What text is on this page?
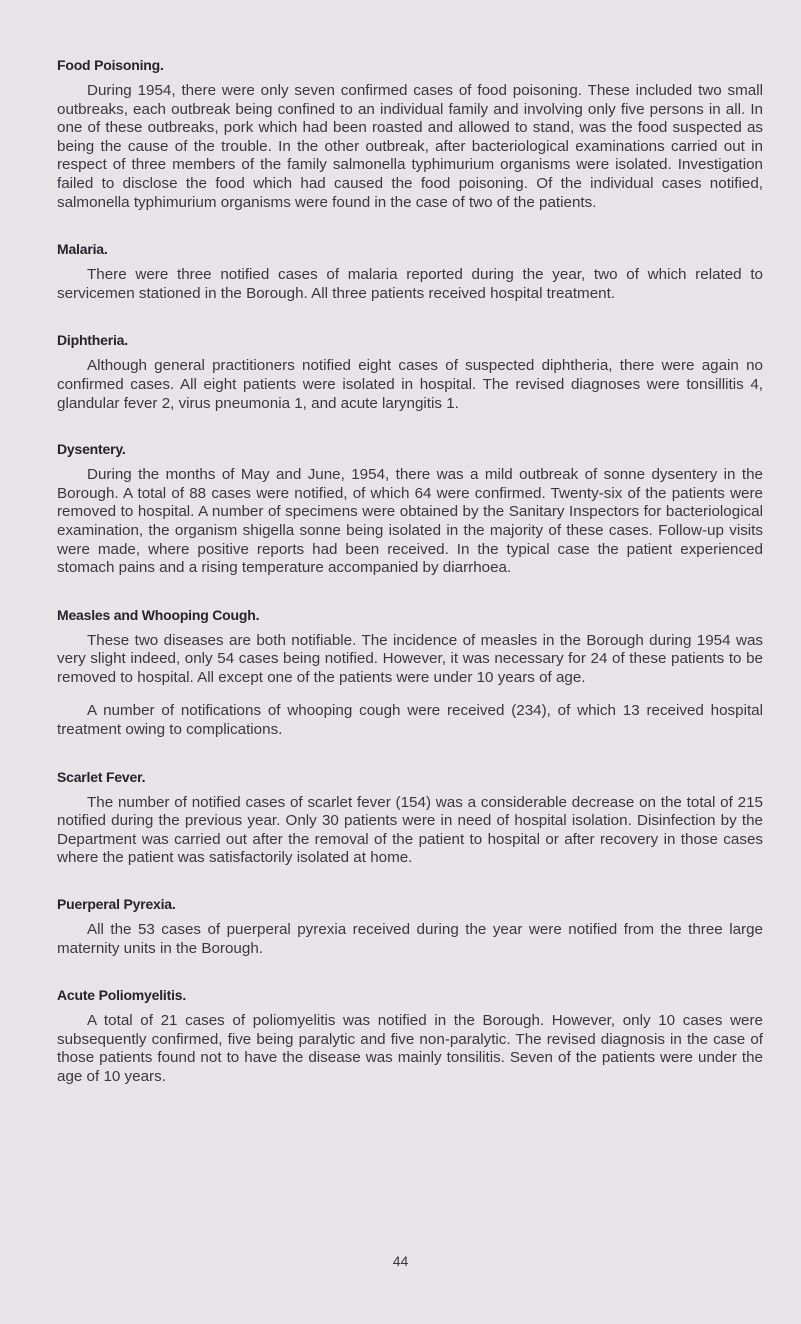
Food Poisoning.

During 1954, there were only seven confirmed cases of food poisoning. These included two small outbreaks, each outbreak being confined to an individual family and involving only five persons in all. In one of these outbreaks, pork which had been roasted and allowed to stand, was the food suspected as being the cause of the trouble. In the other outbreak, after bacteriological examinations carried out in respect of three members of the family salmonella typhimurium organisms were isolated. Investigation failed to disclose the food which had caused the food poisoning. Of the individual cases notified, salmonella typhimurium organisms were found in the case of two of the patients.

Malaria.

There were three notified cases of malaria reported during the year, two of which related to servicemen stationed in the Borough. All three patients received hospital treatment.

Diphtheria.

Although general practitioners notified eight cases of suspected diphtheria, there were again no confirmed cases. All eight patients were isolated in hospital. The revised diagnoses were tonsillitis 4, glandular fever 2, virus pneumonia 1, and acute laryngitis 1.

Dysentery.

During the months of May and June, 1954, there was a mild outbreak of sonne dysentery in the Borough. A total of 88 cases were notified, of which 64 were confirmed. Twenty-six of the patients were removed to hospital. A number of specimens were obtained by the Sanitary Inspectors for bacteriological examination, the organism shigella sonne being isolated in the majority of these cases. Follow-up visits were made, where positive reports had been received. In the typical case the patient experienced stomach pains and a rising temperature accompanied by diarrhoea.

Measles and Whooping Cough.

These two diseases are both notifiable. The incidence of measles in the Borough during 1954 was very slight indeed, only 54 cases being notified. However, it was necessary for 24 of these patients to be removed to hospital. All except one of the patients were under 10 years of age.

A number of notifications of whooping cough were received (234), of which 13 received hospital treatment owing to complications.

Scarlet Fever.

The number of notified cases of scarlet fever (154) was a considerable decrease on the total of 215 notified during the previous year. Only 30 patients were in need of hospital isolation. Disinfection by the Department was carried out after the removal of the patient to hospital or after recovery in those cases where the patient was satisfactorily isolated at home.

Puerperal Pyrexia.

All the 53 cases of puerperal pyrexia received during the year were notified from the three large maternity units in the Borough.

Acute Poliomyelitis.

A total of 21 cases of poliomyelitis was notified in the Borough. However, only 10 cases were subsequently confirmed, five being paralytic and five non-paralytic. The revised diagnosis in the case of those patients found not to have the disease was mainly tonsilitis. Seven of the patients were under the age of 10 years.

44
